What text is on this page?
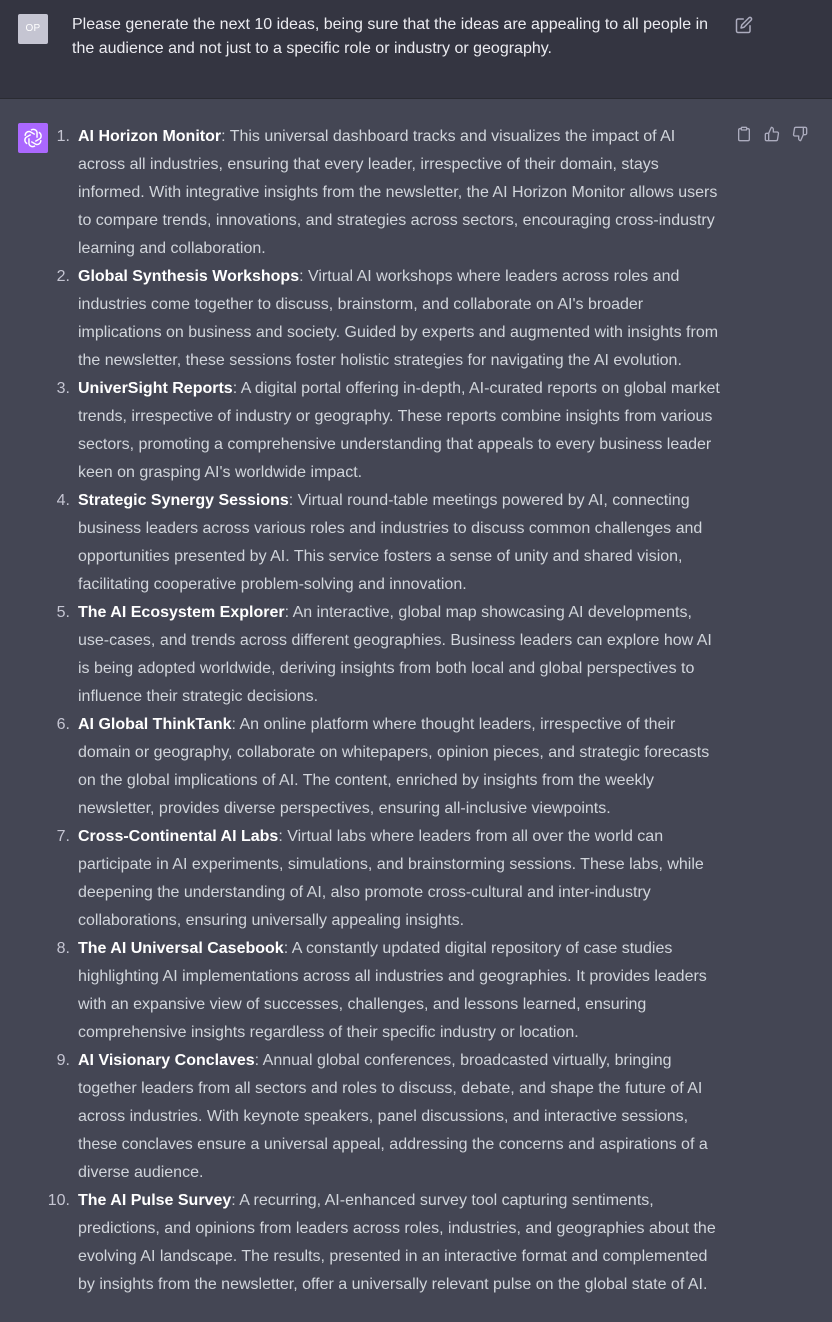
OP	Please generate the next 10 ideas, being sure that the ideas are appealing to all people in the audience and not just to a specific role or industry or geography.
1. AI Horizon Monitor: This universal dashboard tracks and visualizes the impact of AI across all industries, ensuring that every leader, irrespective of their domain, stays informed. With integrative insights from the newsletter, the AI Horizon Monitor allows users to compare trends, innovations, and strategies across sectors, encouraging cross-industry learning and collaboration.
2. Global Synthesis Workshops: Virtual AI workshops where leaders across roles and industries come together to discuss, brainstorm, and collaborate on AI's broader implications on business and society. Guided by experts and augmented with insights from the newsletter, these sessions foster holistic strategies for navigating the AI evolution.
3. UniverSight Reports: A digital portal offering in-depth, AI-curated reports on global market trends, irrespective of industry or geography. These reports combine insights from various sectors, promoting a comprehensive understanding that appeals to every business leader keen on grasping AI's worldwide impact.
4. Strategic Synergy Sessions: Virtual round-table meetings powered by AI, connecting business leaders across various roles and industries to discuss common challenges and opportunities presented by AI. This service fosters a sense of unity and shared vision, facilitating cooperative problem-solving and innovation.
5. The AI Ecosystem Explorer: An interactive, global map showcasing AI developments, use-cases, and trends across different geographies. Business leaders can explore how AI is being adopted worldwide, deriving insights from both local and global perspectives to influence their strategic decisions.
6. AI Global ThinkTank: An online platform where thought leaders, irrespective of their domain or geography, collaborate on whitepapers, opinion pieces, and strategic forecasts on the global implications of AI. The content, enriched by insights from the weekly newsletter, provides diverse perspectives, ensuring all-inclusive viewpoints.
7. Cross-Continental AI Labs: Virtual labs where leaders from all over the world can participate in AI experiments, simulations, and brainstorming sessions. These labs, while deepening the understanding of AI, also promote cross-cultural and inter-industry collaborations, ensuring universally appealing insights.
8. The AI Universal Casebook: A constantly updated digital repository of case studies highlighting AI implementations across all industries and geographies. It provides leaders with an expansive view of successes, challenges, and lessons learned, ensuring comprehensive insights regardless of their specific industry or location.
9. AI Visionary Conclaves: Annual global conferences, broadcasted virtually, bringing together leaders from all sectors and roles to discuss, debate, and shape the future of AI across industries. With keynote speakers, panel discussions, and interactive sessions, these conclaves ensure a universal appeal, addressing the concerns and aspirations of a diverse audience.
10. The AI Pulse Survey: A recurring, AI-enhanced survey tool capturing sentiments, predictions, and opinions from leaders across roles, industries, and geographies about the evolving AI landscape. The results, presented in an interactive format and complemented by insights from the newsletter, offer a universally relevant pulse on the global state of AI.
